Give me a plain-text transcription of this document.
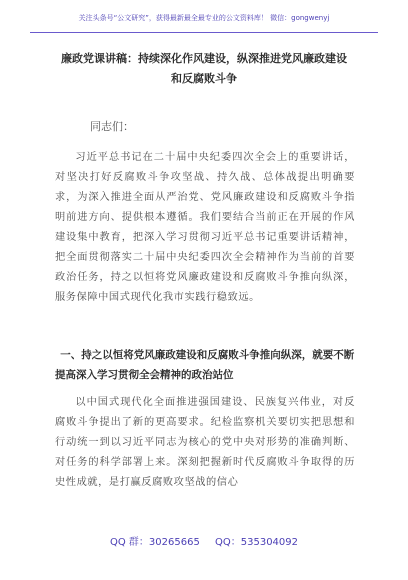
关注头条号“公文研究”，获得最新最全最专业的公文资料库！ 微信：gongwenyj
廉政党课讲稿：持续深化作风建设，纵深推进党风廉政建设和反腐败斗争
同志们：
习近平总书记在二十届中央纪委四次全会上的重要讲话，对坚决打好反腐败斗争攻坚战、持久战、总体战提出明确要求，为深入推进全面从严治党、党风廉政建设和反腐败斗争指明前进方向、提供根本遵循。我们要结合当前正在开展的作风建设集中教育，把深入学习贯彻习近平总书记重要讲话精神，把全面贯彻落实二十届中央纪委四次全会精神作为当前的首要政治任务，持之以恒将党风廉政建设和反腐败斗争推向纵深，服务保障中国式现代化我市实践行稳致远。
一、持之以恒将党风廉政建设和反腐败斗争推向纵深，就要不断提高深入学习贯彻全会精神的政治站位
以中国式现代化全面推进强国建设、民族复兴伟业，对反腐败斗争提出了新的更高要求。纪检监察机关要切实把思想和行动统一到以习近平同志为核心的党中央对形势的准确判断、对任务的科学部署上来。深刻把握新时代反腐败斗争取得的历史性成就，是打赢反腐败攻坚战的信心
QQ 群：30265665 QQ：535304092
